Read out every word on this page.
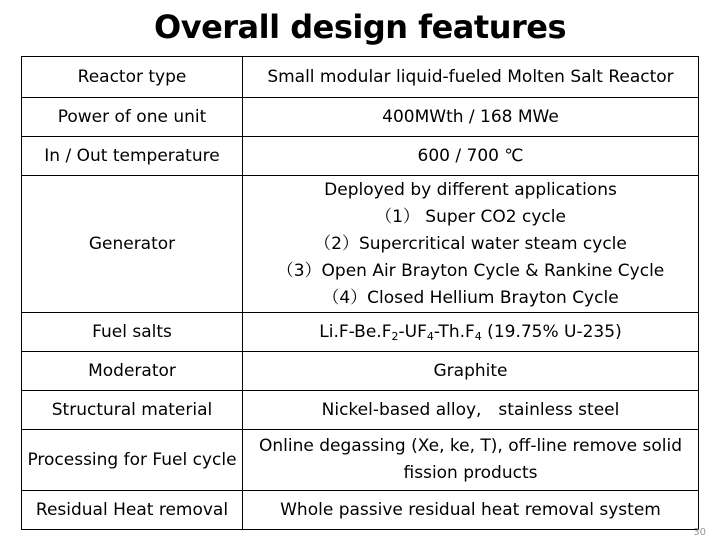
Overall design features
Reactor type	Small modular liquid-fueled Molten Salt Reactor
Power of one unit	400MWth / 168 MWe
In / Out temperature	600 / 700 ℃
Generator	Deployed by different applications
（1） Super CO2 cycle
（2）Supercritical water steam cycle
（3）Open Air Brayton Cycle & Rankine Cycle
（4）Closed Hellium Brayton Cycle

Fuel salts	$Li.F-Be.F_2-UF_4-Th.F_4$ (19.75% U-235)
Moderator	Graphite
Structural material	Nickel-based alloy,　stainless steel
Processing for Fuel cycle	Online degassing (Xe, ke, T), off-line remove solid fission products
Residual Heat removal	Whole passive residual heat removal system
30
